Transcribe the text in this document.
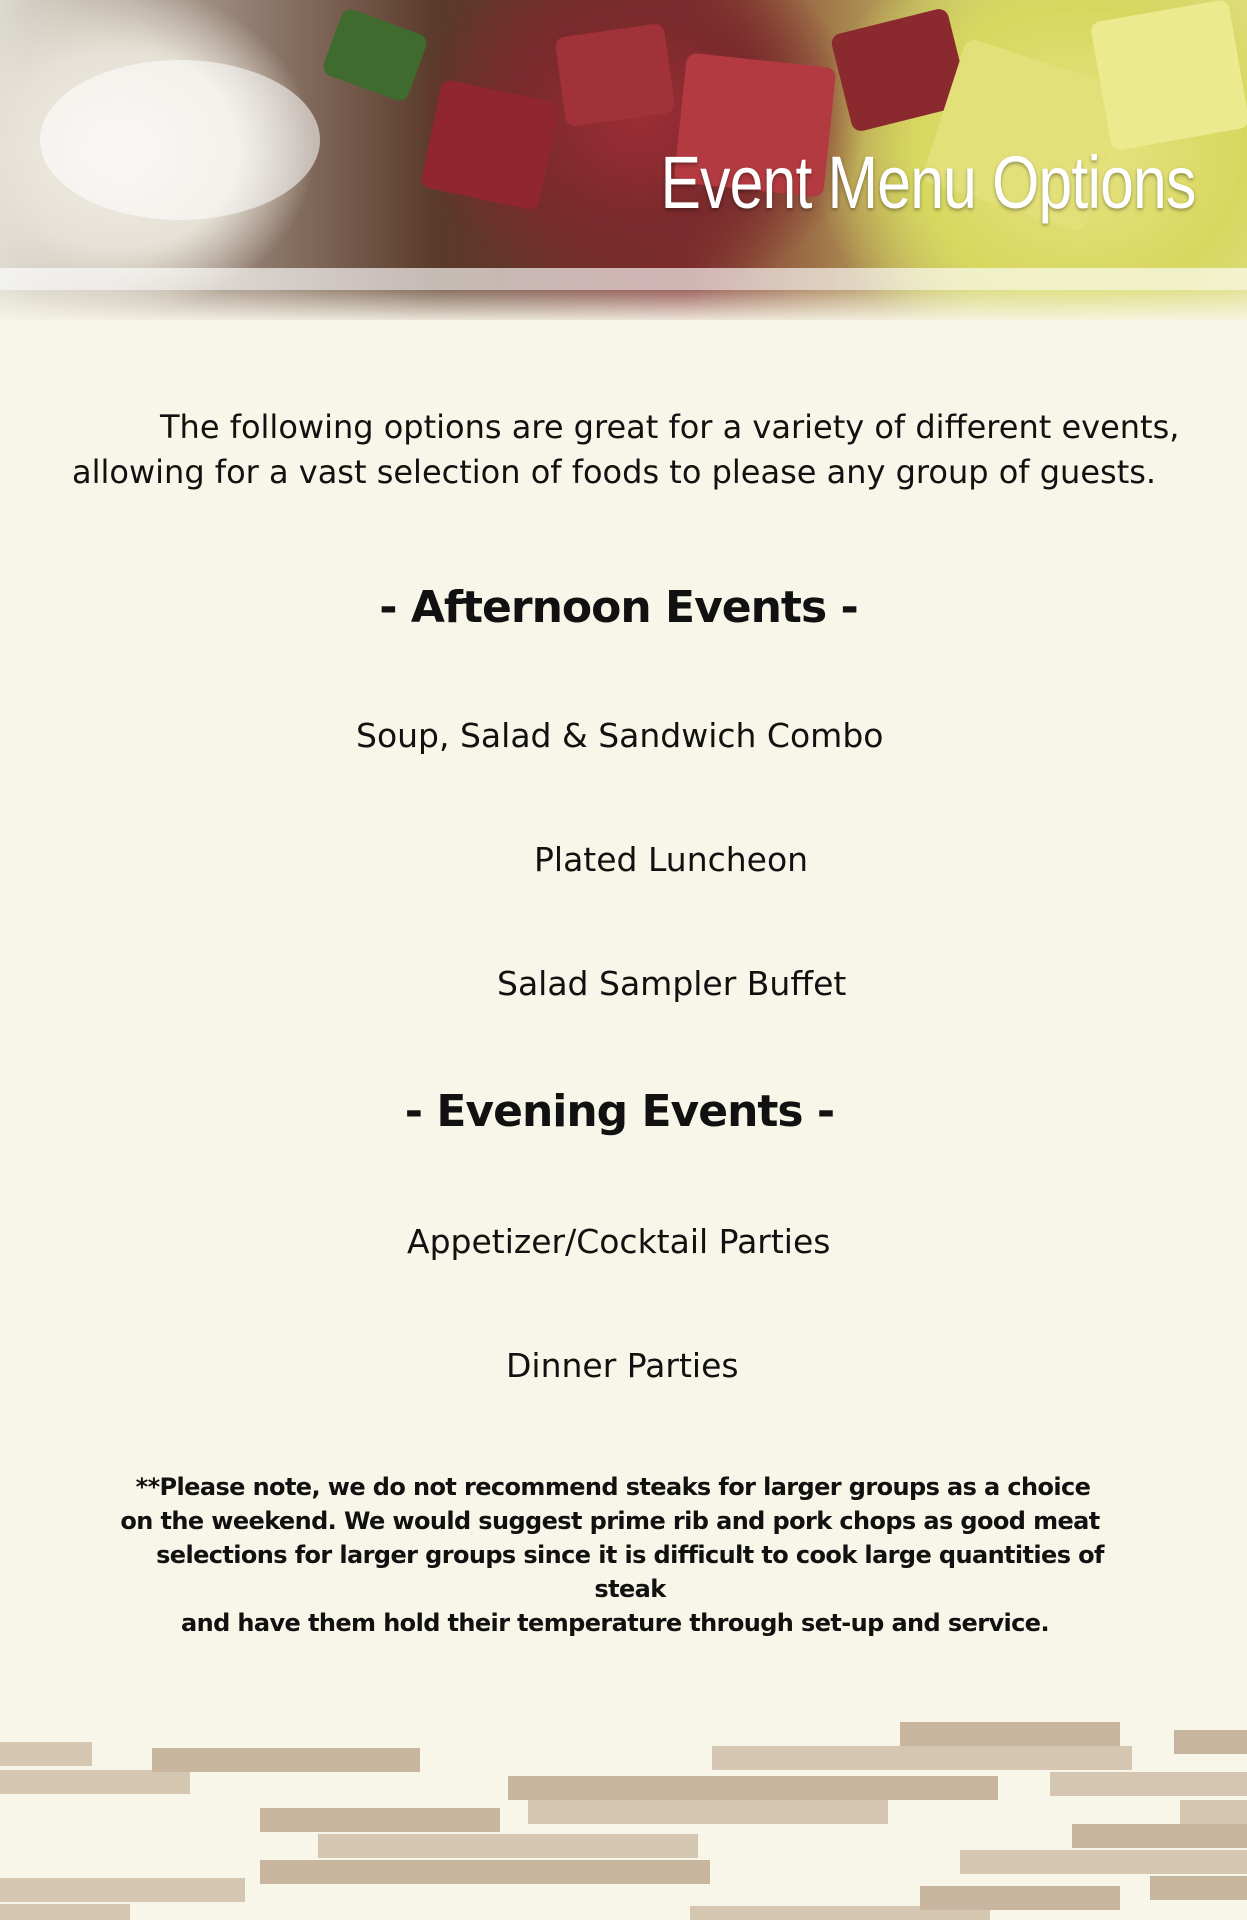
Event Menu Options
The following options are great for a variety of different events,
allowing for a vast selection of foods to please any group of guests.
- Afternoon Events -
Soup, Salad & Sandwich Combo
Plated Luncheon
Salad Sampler Buffet
- Evening Events -
Appetizer/Cocktail Parties
Dinner Parties
**Please note, we do not recommend steaks for larger groups as a choice
on the weekend. We would suggest prime rib and pork chops as good meat
selections for larger groups since it is difficult to cook large quantities of steak
and have them hold their temperature through set-up and service.
